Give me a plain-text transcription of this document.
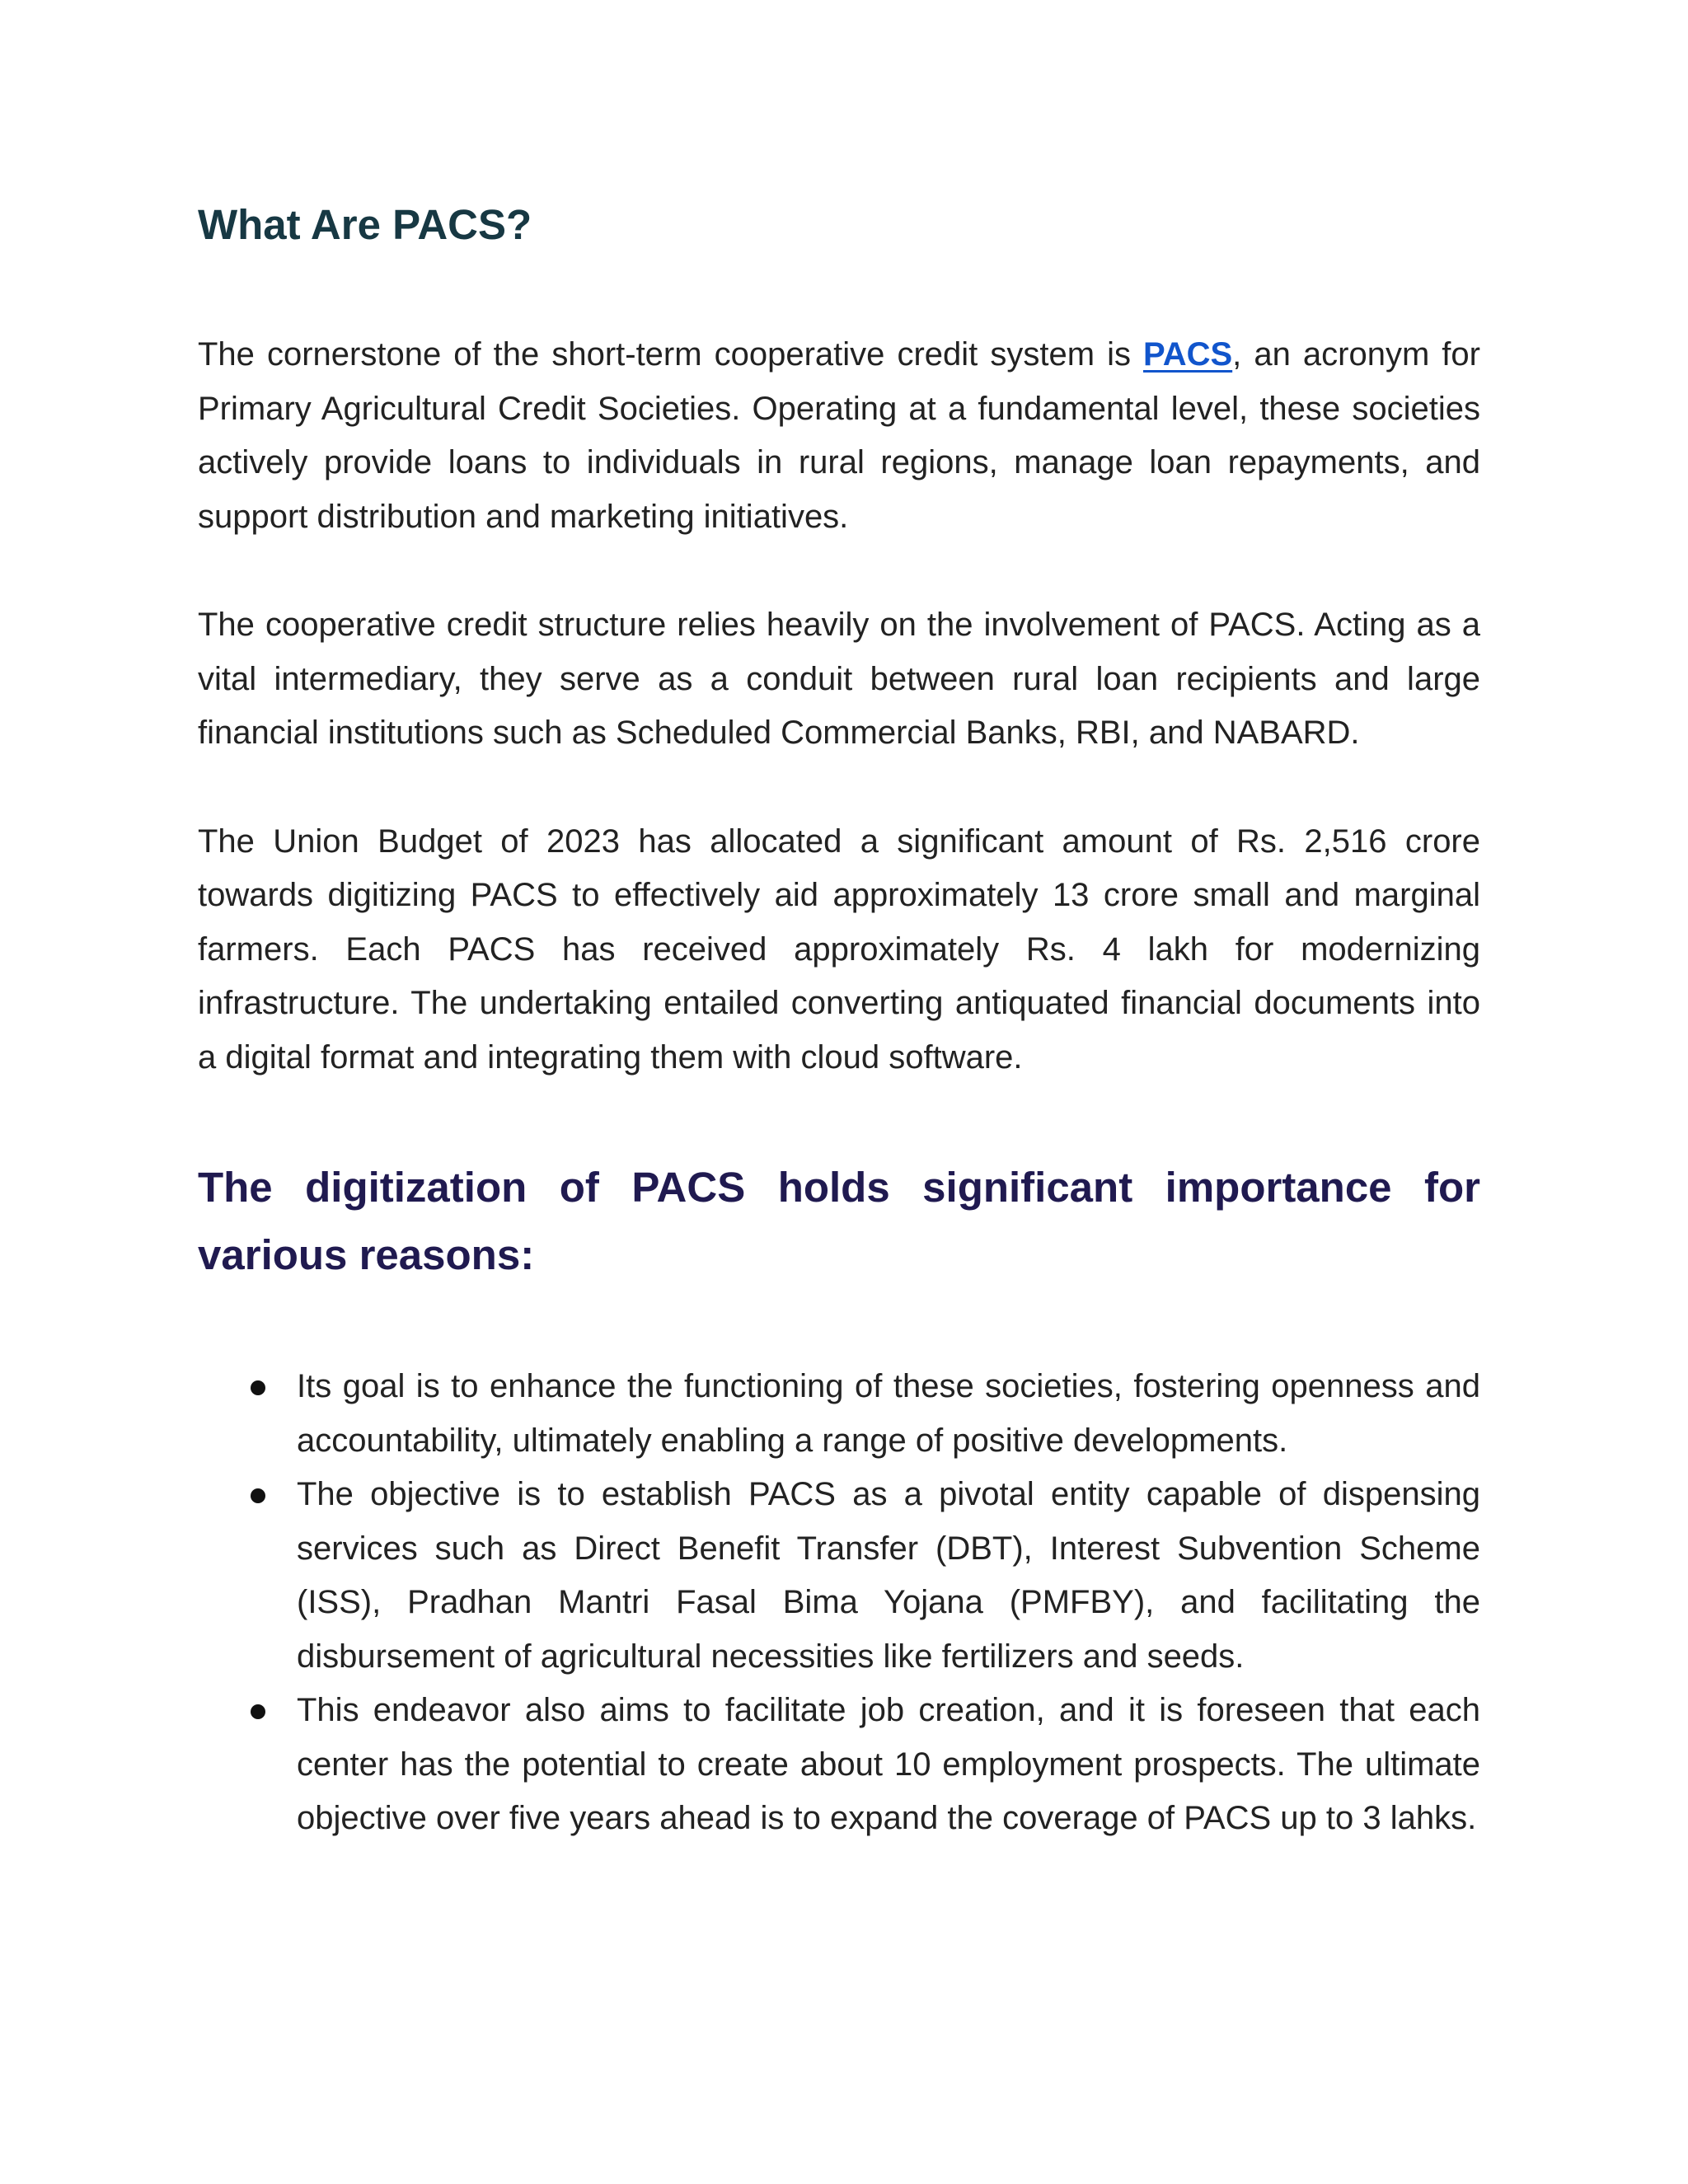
What Are PACS?

The cornerstone of the short-term cooperative credit system is PACS, an acronym for Primary Agricultural Credit Societies. Operating at a fundamental level, these societies actively provide loans to individuals in rural regions, manage loan repayments, and support distribution and marketing initiatives.

The cooperative credit structure relies heavily on the involvement of PACS. Acting as a vital intermediary, they serve as a conduit between rural loan recipients and large financial institutions such as Scheduled Commercial Banks, RBI, and NABARD.

The Union Budget of 2023 has allocated a significant amount of Rs. 2,516 crore towards digitizing PACS to effectively aid approximately 13 crore small and marginal farmers. Each PACS has received approximately Rs. 4 lakh for modernizing infrastructure. The undertaking entailed converting antiquated financial documents into a digital format and integrating them with cloud software.

The digitization of PACS holds significant importance for various reasons:
Its goal is to enhance the functioning of these societies, fostering openness and accountability, ultimately enabling a range of positive developments.
The objective is to establish PACS as a pivotal entity capable of dispensing services such as Direct Benefit Transfer (DBT), Interest Subvention Scheme (ISS), Pradhan Mantri Fasal Bima Yojana (PMFBY), and facilitating the disbursement of agricultural necessities like fertilizers and seeds.
This endeavor also aims to facilitate job creation, and it is foreseen that each center has the potential to create about 10 employment prospects. The ultimate objective over five years ahead is to expand the coverage of PACS up to 3 lahks.
